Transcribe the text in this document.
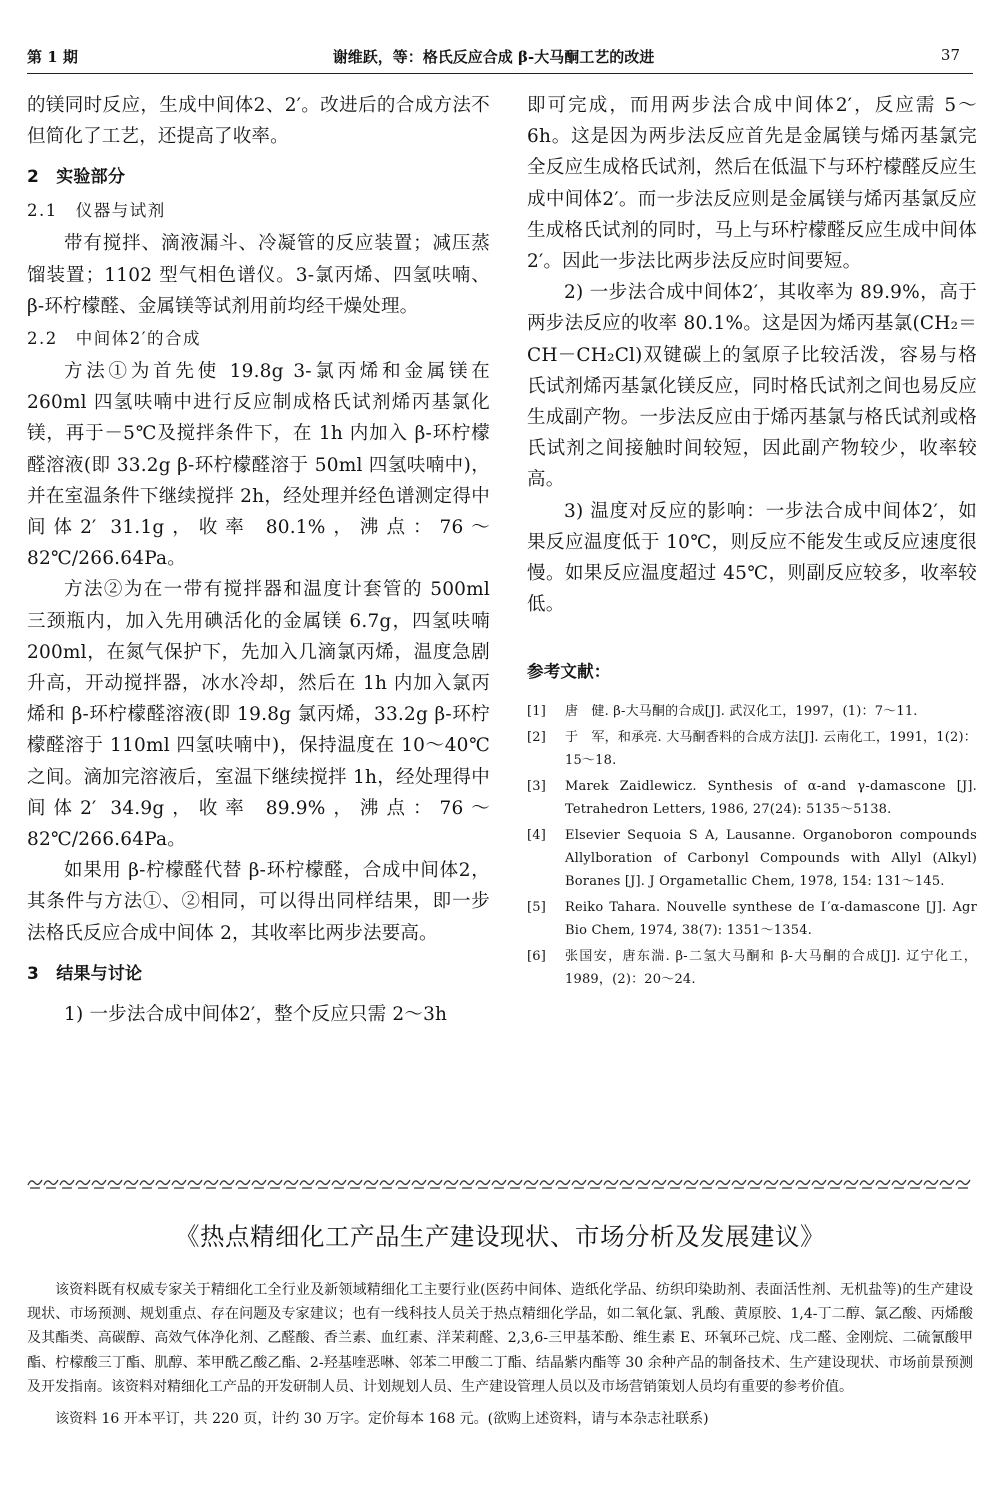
第 1 期	谢维跃，等：格氏反应合成 β-大马酮工艺的改进	37

的镁同时反应，生成中间体2、2′。改进后的合成方法不但简化了工艺，还提高了收率。

2　实验部分

2.1　仪器与试剂

带有搅拌、滴液漏斗、冷凝管的反应装置；减压蒸馏装置；1102 型气相色谱仪。3-氯丙烯、四氢呋喃、β-环柠檬醛、金属镁等试剂用前均经干燥处理。

2.2　中间体2′的合成

方法①为首先使 19.8g 3-氯丙烯和金属镁在 260ml 四氢呋喃中进行反应制成格氏试剂烯丙基氯化镁，再于－5℃及搅拌条件下，在 1h 内加入 β-环柠檬醛溶液(即 33.2g β-环柠檬醛溶于 50ml 四氢呋喃中)，并在室温条件下继续搅拌 2h，经处理并经色谱测定得中间体2′ 31.1g，收率 80.1%，沸点：76～82℃/266.64Pa。

方法②为在一带有搅拌器和温度计套管的 500ml 三颈瓶内，加入先用碘活化的金属镁 6.7g，四氢呋喃 200ml，在氮气保护下，先加入几滴氯丙烯，温度急剧升高，开动搅拌器，冰水冷却，然后在 1h 内加入氯丙烯和 β-环柠檬醛溶液(即 19.8g 氯丙烯，33.2g β-环柠檬醛溶于 110ml 四氢呋喃中)，保持温度在 10～40℃之间。滴加完溶液后，室温下继续搅拌 1h，经处理得中间体2′ 34.9g，收率 89.9%，沸点：76～82℃/266.64Pa。

如果用 β-柠檬醛代替 β-环柠檬醛，合成中间体2，其条件与方法①、②相同，可以得出同样结果，即一步法格氏反应合成中间体 2，其收率比两步法要高。

3　结果与讨论

1) 一步法合成中间体2′，整个反应只需 2～3h

即可完成，而用两步法合成中间体2′，反应需 5～6h。这是因为两步法反应首先是金属镁与烯丙基氯完全反应生成格氏试剂，然后在低温下与环柠檬醛反应生成中间体2′。而一步法反应则是金属镁与烯丙基氯反应生成格氏试剂的同时，马上与环柠檬醛反应生成中间体2′。因此一步法比两步法反应时间要短。

2) 一步法合成中间体2′，其收率为 89.9%，高于两步法反应的收率 80.1%。这是因为烯丙基氯(CH₂＝CH－CH₂Cl)双键碳上的氢原子比较活泼，容易与格氏试剂烯丙基氯化镁反应，同时格氏试剂之间也易反应生成副产物。一步法反应由于烯丙基氯与格氏试剂或格氏试剂之间接触时间较短，因此副产物较少，收率较高。

3) 温度对反应的影响：一步法合成中间体2′，如果反应温度低于 10℃，则反应不能发生或反应速度很慢。如果反应温度超过 45℃，则副反应较多，收率较低。

参考文献：
[1] 唐　健. β-大马酮的合成[J]. 武汉化工，1997，(1)：7～11.
[2] 于　军，和承亮. 大马酮香料的合成方法[J]. 云南化工，1991，1(2)：15～18.
[3] Marek Zaidlewicz. Synthesis of α-and γ-damascone [J]. Tetrahedron Letters, 1986, 27(24): 5135～5138.
[4] Elsevier Sequoia S A, Lausanne. Organoboron compounds Allylboration of Carbonyl Compounds with Allyl (Alkyl) Boranes [J]. J Orgametallic Chem, 1978, 154: 131～145.
[5] Reiko Tahara. Nouvelle synthese de Ⅰ′α-damascone [J]. Agr Bio Chem, 1974, 38(7): 1351～1354.
[6] 张国安，唐东湍. β-二氢大马酮和 β-大马酮的合成[J]. 辽宁化工，1989，(2)：20～24.
《热点精细化工产品生产建设现状、市场分析及发展建议》

该资料既有权威专家关于精细化工全行业及新领域精细化工主要行业(医药中间体、造纸化学品、纺织印染助剂、表面活性剂、无机盐等)的生产建设现状、市场预测、规划重点、存在问题及专家建议；也有一线科技人员关于热点精细化学品，如二氧化氯、乳酸、黄原胶、1,4-丁二醇、氯乙酸、丙烯酸及其酯类、高碳醇、高效气体净化剂、乙醛酸、香兰素、血红素、洋茉莉醛、2,3,6-三甲基苯酚、维生素 E、环氧环己烷、戊二醛、金刚烷、二硫氰酸甲酯、柠檬酸三丁酯、肌醇、苯甲酰乙酸乙酯、2-羟基喹恶啉、邻苯二甲酸二丁酯、结晶紫内酯等 30 余种产品的制备技术、生产建设现状、市场前景预测及开发指南。该资料对精细化工产品的开发研制人员、计划规划人员、生产建设管理人员以及市场营销策划人员均有重要的参考价值。

该资料 16 开本平订，共 220 页，计约 30 万字。定价每本 168 元。(欲购上述资料，请与本杂志社联系)
